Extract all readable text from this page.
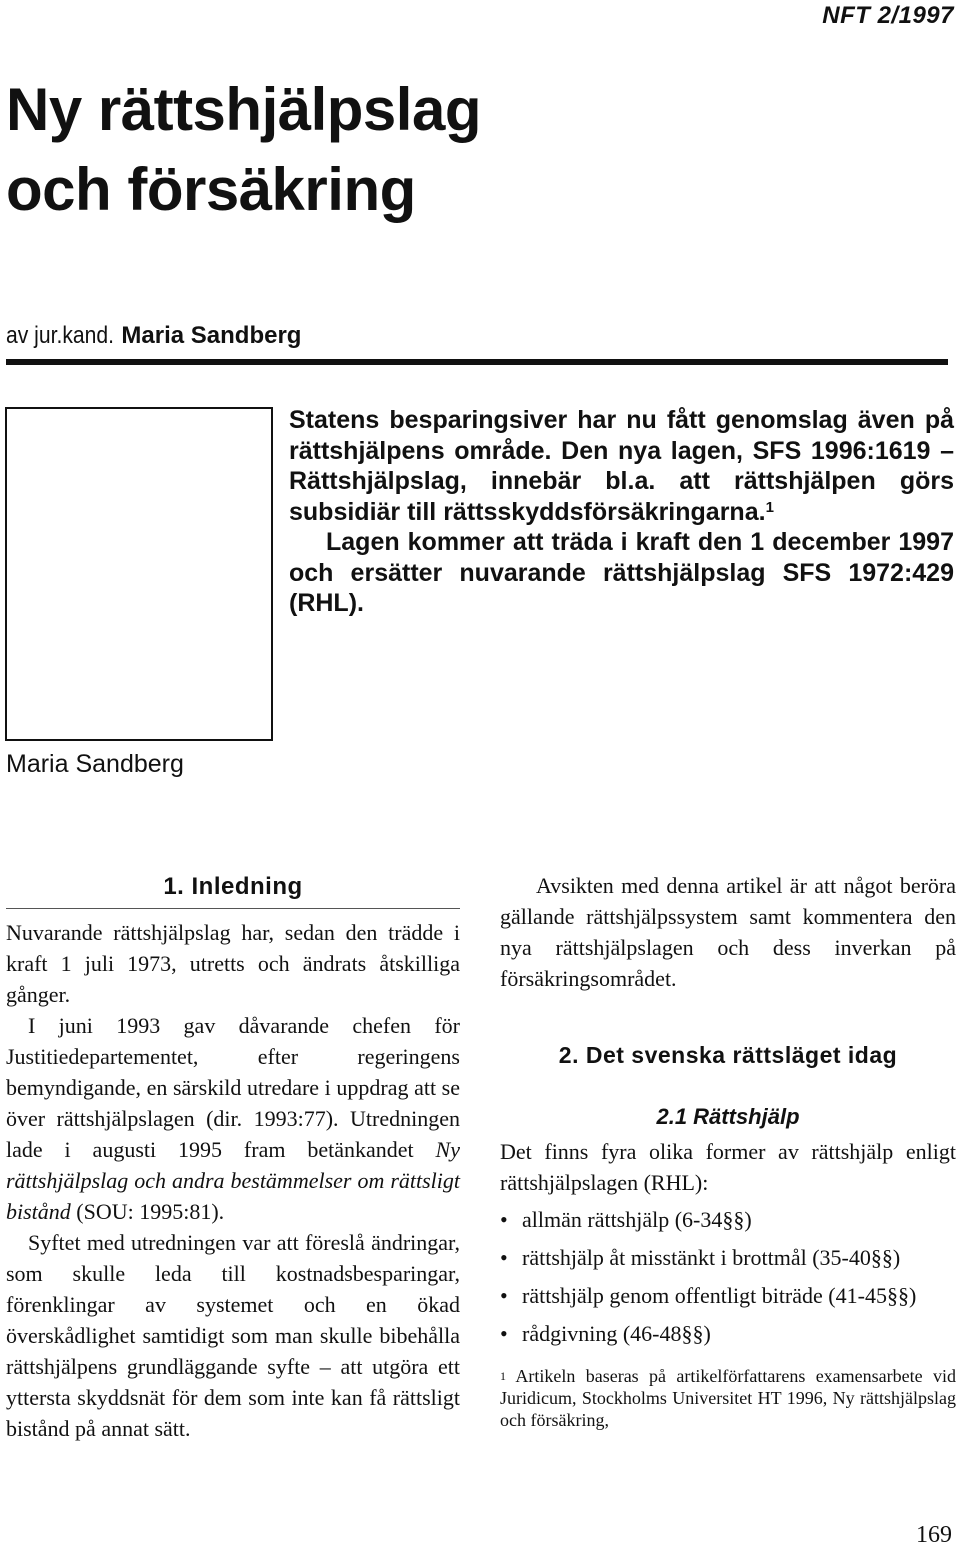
NFT 2/1997
Ny rättshjälpslag
och försäkring
av jur.kand. Maria Sandberg
Maria Sandberg

Statens besparingsiver har nu fått genomslag även på rättshjälpens område. Den nya lagen, SFS 1996:1619 – Rättshjälpslag, innebär bl.a. att rättshjälpen görs subsidiär till rättsskyddsförsäkringarna.$^1$

Lagen kommer att träda i kraft den 1 december 1997 och ersätter nuvarande rättshjälpslag SFS 1972:429 (RHL).

1. Inledning

Nuvarande rättshjälpslag har, sedan den trädde i kraft 1 juli 1973, utretts och ändrats åtskilliga gånger.

I juni 1993 gav dåvarande chefen för Justitiedepartementet, efter regeringens bemyndigande, en särskild utredare i uppdrag att se över rättshjälpslagen (dir. 1993:77). Utredningen lade i augusti 1995 fram betänkandet Ny rättshjälpslag och andra bestämmelser om rättsligt bistånd (SOU: 1995:81).

Syftet med utredningen var att föreslå ändringar, som skulle leda till kostnadsbesparingar, förenklingar av systemet och en ökad överskådlighet samtidigt som man skulle bibehålla rättshjälpens grundläggande syfte – att utgöra ett yttersta skyddsnät för dem som inte kan få rättsligt bistånd på annat sätt.

Avsikten med denna artikel är att något beröra gällande rättshjälpssystem samt kommentera den nya rättshjälpslagen och dess inverkan på försäkringsområdet.

2. Det svenska rättsläget idag
2.1 Rättshjälp

Det finns fyra olika former av rättshjälp enligt rättshjälpslagen (RHL):

• allmän rättshjälp (6-34§§)
• rättshjälp åt misstänkt i brottmål (35-40§§)
• rättshjälp genom offentligt biträde (41-45§§)
• rådgivning (46-48§§)
$^1$ Artikeln baseras på artikelförfattarens examensarbete vid Juridicum, Stockholms Universitet HT 1996, Ny rättshjälpslag och försäkring,
169
